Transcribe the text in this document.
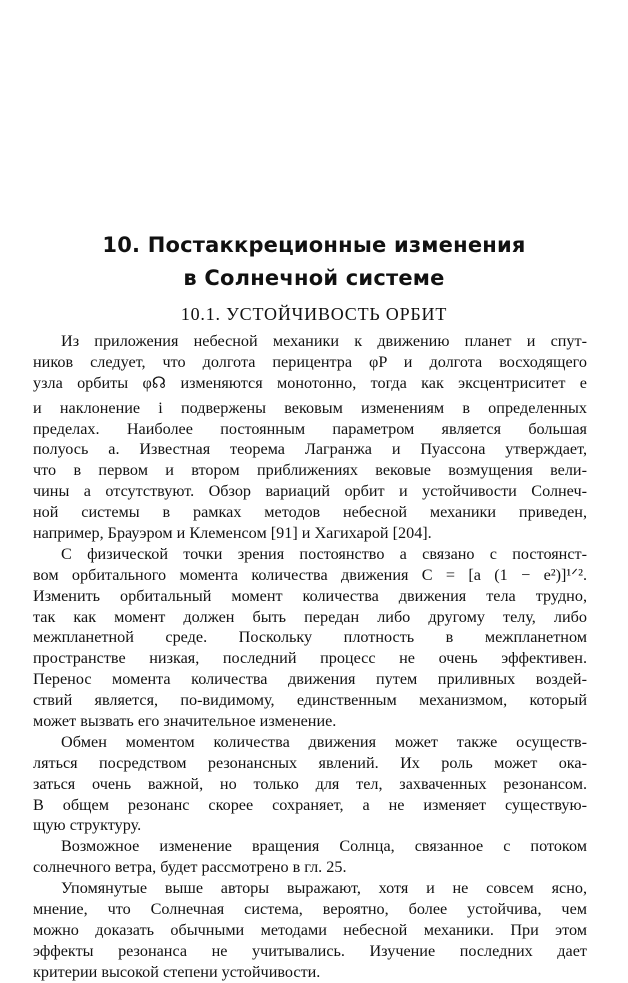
10. Постаккреционные изменения
в Солнечной системе
10.1. УСТОЙЧИВОСТЬ ОРБИТ
Из приложения небесной механики к движению планет и спут-
ников следует, что долгота перицентра φP и долгота восходящего
узла орбиты φ☊ изменяются монотонно, тогда как эксцентриситет e
и наклонение i подвержены вековым изменениям в определенных
пределах. Наиболее постоянным параметром является большая
полуось a. Известная теорема Лагранжа и Пуассона утверждает,
что в первом и втором приближениях вековые возмущения вели-
чины a отсутствуют. Обзор вариаций орбит и устойчивости Солнеч-
ной системы в рамках методов небесной механики приведен,
например, Брауэром и Клеменсом [91] и Хагихарой [204].
С физической точки зрения постоянство a связано с постоянст-
вом орбитального момента количества движения C = [a (1 − e²)]¹ᐟ².
Изменить орбитальный момент количества движения тела трудно,
так как момент должен быть передан либо другому телу, либо
межпланетной среде. Поскольку плотность в межпланетном
пространстве низкая, последний процесс не очень эффективен.
Перенос момента количества движения путем приливных воздей-
ствий является, по-видимому, единственным механизмом, который
может вызвать его значительное изменение.
Обмен моментом количества движения может также осуществ-
ляться посредством резонансных явлений. Их роль может ока-
заться очень важной, но только для тел, захваченных резонансом.
В общем резонанс скорее сохраняет, а не изменяет существую-
щую структуру.
Возможное изменение вращения Солнца, связанное с потоком
солнечного ветра, будет рассмотрено в гл. 25.
Упомянутые выше авторы выражают, хотя и не совсем ясно,
мнение, что Солнечная система, вероятно, более устойчива, чем
можно доказать обычными методами небесной механики. При этом
эффекты резонанса не учитывались. Изучение последних дает
критерии высокой степени устойчивости.
